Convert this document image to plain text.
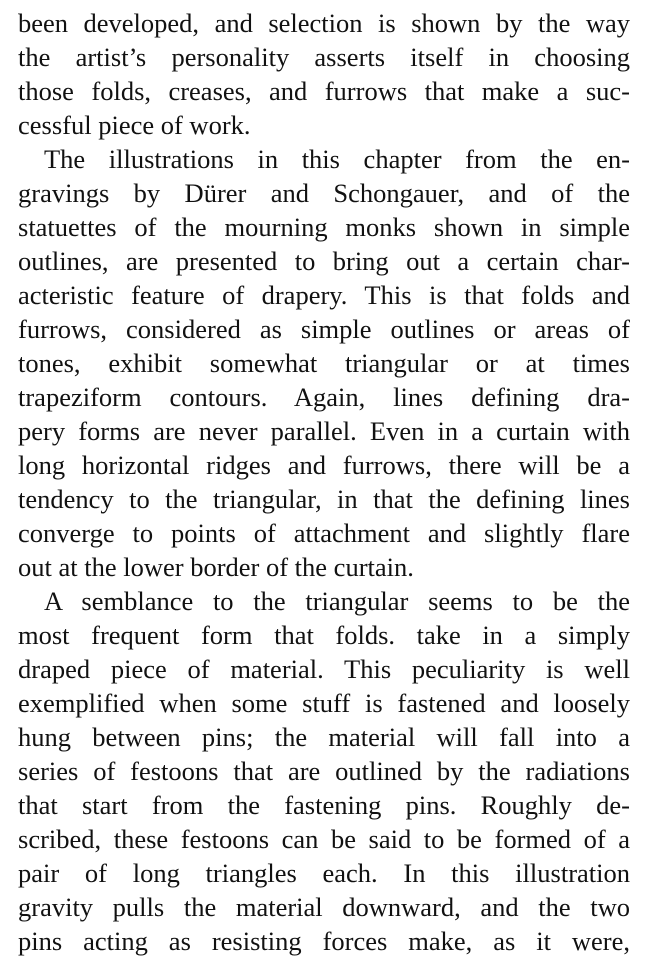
been developed, and selection is shown by the way
the artist’s personality asserts itself in choosing
those folds, creases, and furrows that make a suc-
cessful piece of work.
The illustrations in this chapter from the en-
gravings by Dürer and Schongauer, and of the
statuettes of the mourning monks shown in simple
outlines, are presented to bring out a certain char-
acteristic feature of drapery. This is that folds and
furrows, considered as simple outlines or areas of
tones, exhibit somewhat triangular or at times
trapeziform contours. Again, lines defining dra-
pery forms are never parallel. Even in a curtain with
long horizontal ridges and furrows, there will be a
tendency to the triangular, in that the defining lines
converge to points of attachment and slightly flare
out at the lower border of the curtain.
A semblance to the triangular seems to be the
most frequent form that folds. take in a simply
draped piece of material. This peculiarity is well
exemplified when some stuff is fastened and loosely
hung between pins; the material will fall into a
series of festoons that are outlined by the radiations
that start from the fastening pins. Roughly de-
scribed, these festoons can be said to be formed of a
pair of long triangles each. In this illustration
gravity pulls the material downward, and the two
pins acting as resisting forces make, as it were,
